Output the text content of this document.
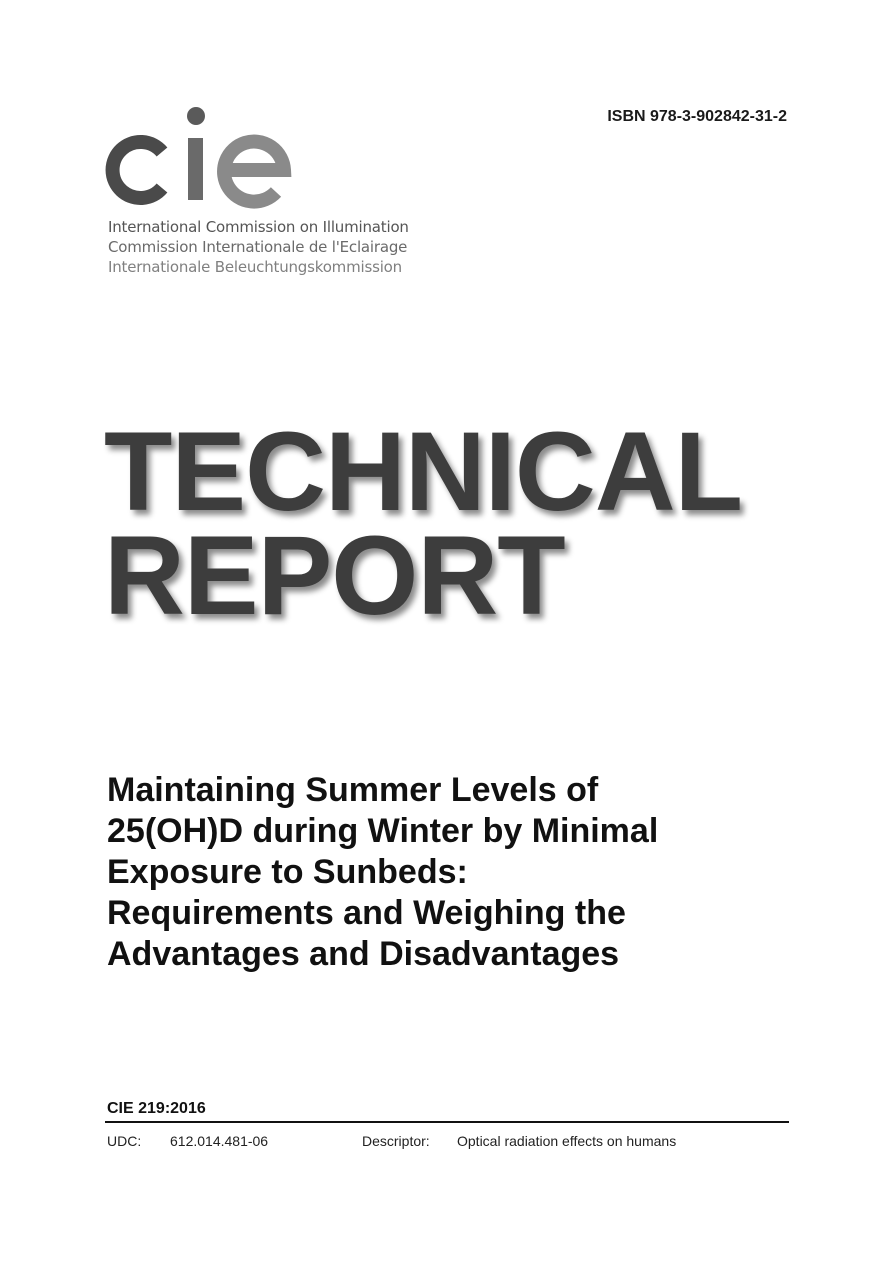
ISBN 978-3-902842-31-2
International Commission on Illumination
Commission Internationale de l'Eclairage
Internationale Beleuchtungskommission
TECHNICAL
REPORT
Maintaining Summer Levels of
25(OH)D during Winter by Minimal
Exposure to Sunbeds:
Requirements and Weighing the
Advantages and Disadvantages
CIE 219:2016
UDC: 612.014.481-06	Descriptor: Optical radiation effects on humans
